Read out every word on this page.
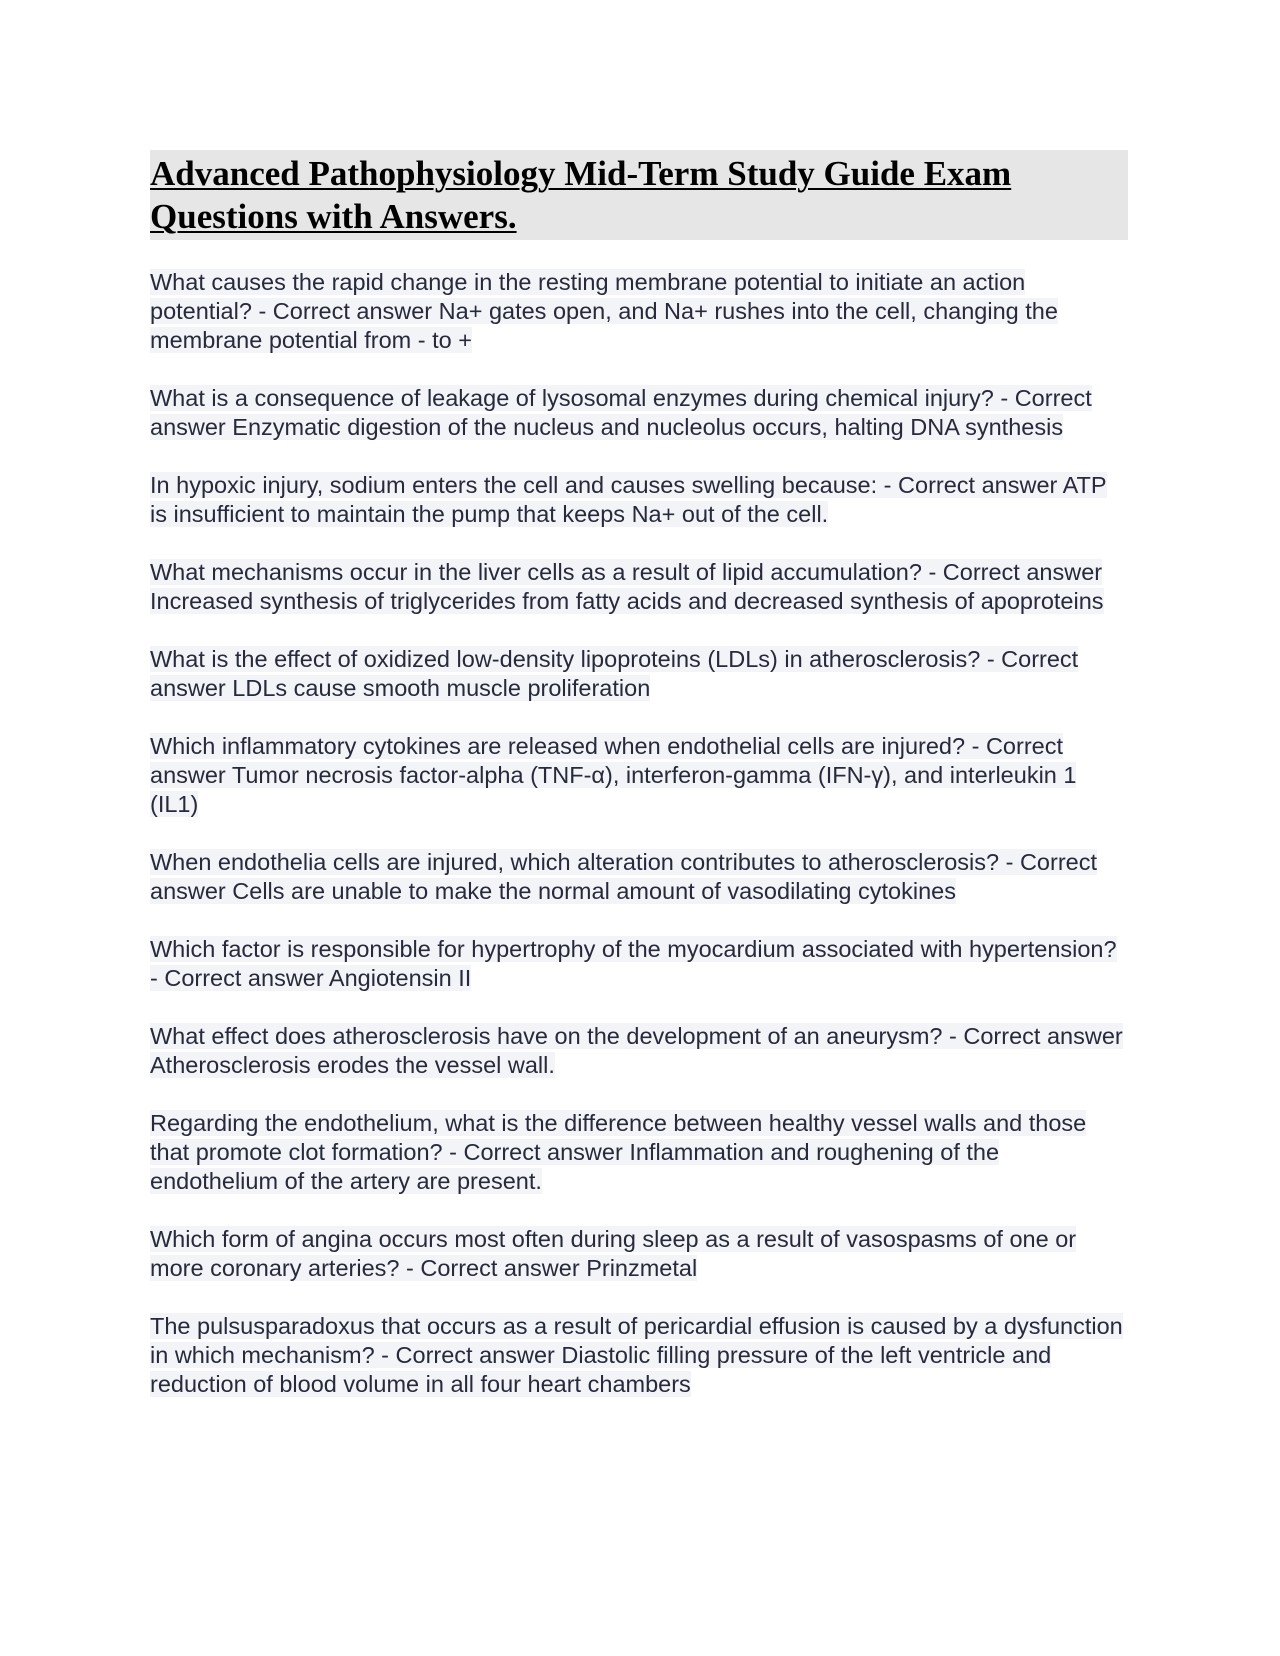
Advanced Pathophysiology Mid-Term Study Guide Exam Questions with Answers.
What causes the rapid change in the resting membrane potential to initiate an action potential? - Correct answer Na+ gates open, and Na+ rushes into the cell, changing the membrane potential from - to +
What is a consequence of leakage of lysosomal enzymes during chemical injury? - Correct answer Enzymatic digestion of the nucleus and nucleolus occurs, halting DNA synthesis
In hypoxic injury, sodium enters the cell and causes swelling because: - Correct answer ATP is insufficient to maintain the pump that keeps Na+ out of the cell.
What mechanisms occur in the liver cells as a result of lipid accumulation? - Correct answer Increased synthesis of triglycerides from fatty acids and decreased synthesis of apoproteins
What is the effect of oxidized low-density lipoproteins (LDLs) in atherosclerosis? - Correct answer LDLs cause smooth muscle proliferation
Which inflammatory cytokines are released when endothelial cells are injured? - Correct answer Tumor necrosis factor-alpha (TNF-α), interferon-gamma (IFN-γ), and interleukin 1 (IL1)
When endothelia cells are injured, which alteration contributes to atherosclerosis? - Correct answer Cells are unable to make the normal amount of vasodilating cytokines
Which factor is responsible for hypertrophy of the myocardium associated with hypertension? - Correct answer Angiotensin II
What effect does atherosclerosis have on the development of an aneurysm? - Correct answer Atherosclerosis erodes the vessel wall.
Regarding the endothelium, what is the difference between healthy vessel walls and those that promote clot formation? - Correct answer Inflammation and roughening of the endothelium of the artery are present.
Which form of angina occurs most often during sleep as a result of vasospasms of one or more coronary arteries? - Correct answer Prinzmetal
The pulsusparadoxus that occurs as a result of pericardial effusion is caused by a dysfunction in which mechanism? - Correct answer Diastolic filling pressure of the left ventricle and reduction of blood volume in all four heart chambers
